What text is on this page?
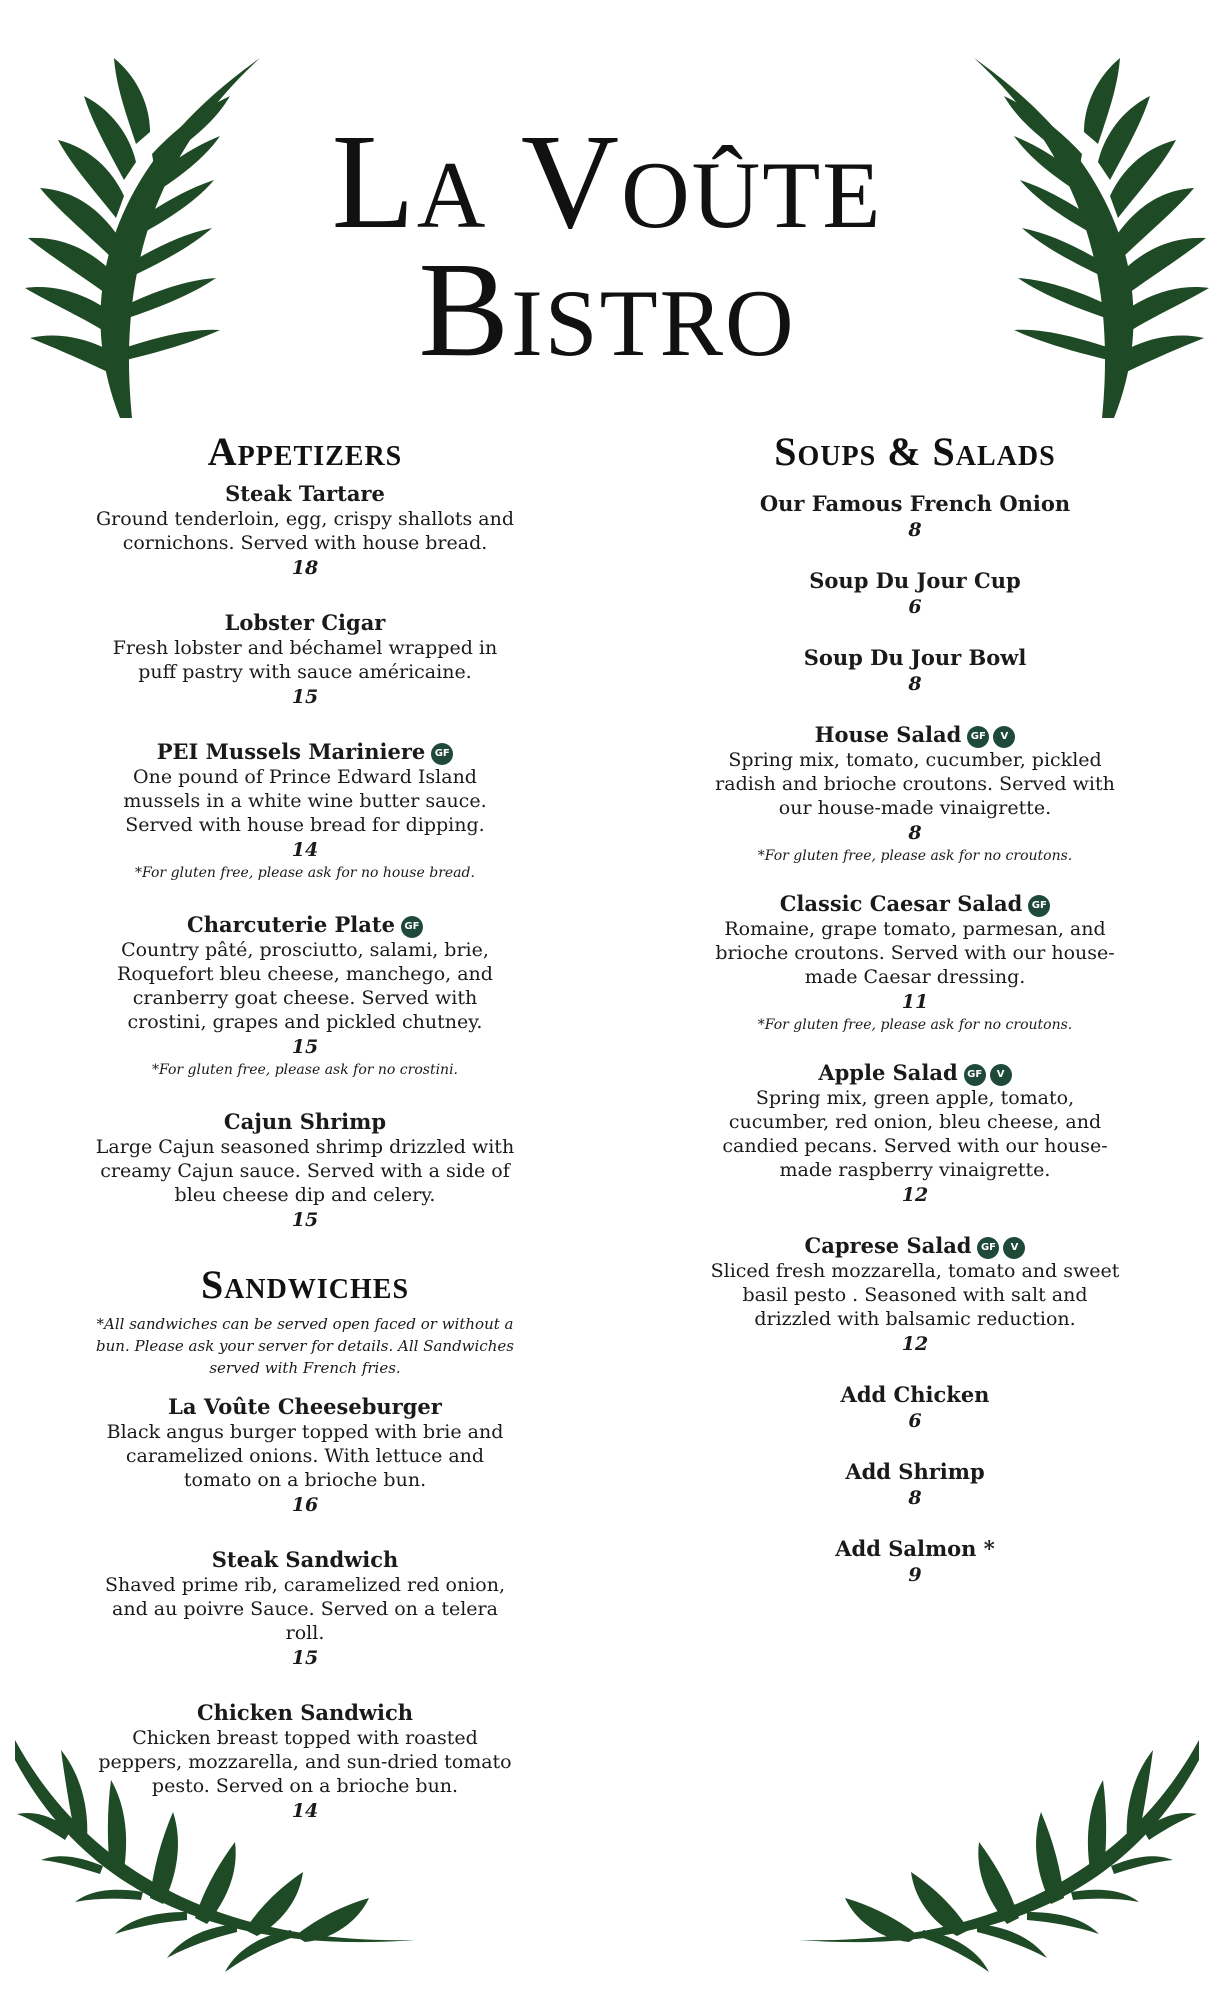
La Voûte
Bistro
Appetizers
Steak Tartare
Ground tenderloin, egg, crispy shallots and cornichons. Served with house bread.
18
Lobster Cigar
Fresh lobster and béchamel wrapped in puff pastry with sauce américaine.
15
PEI Mussels Mariniere GF
One pound of Prince Edward Island mussels in a white wine butter sauce. Served with house bread for dipping.
14
*For gluten free, please ask for no house bread.
Charcuterie Plate GF
Country pâté, prosciutto, salami, brie, Roquefort bleu cheese, manchego, and cranberry goat cheese. Served with crostini, grapes and pickled chutney.
15
*For gluten free, please ask for no crostini.
Cajun Shrimp
Large Cajun seasoned shrimp drizzled with creamy Cajun sauce. Served with a side of bleu cheese dip and celery.
15
Sandwiches
*All sandwiches can be served open faced or without a bun. Please ask your server for details. All Sandwiches served with French fries.
La Voûte Cheeseburger
Black angus burger topped with brie and caramelized onions. With lettuce and tomato on a brioche bun.
16
Steak Sandwich
Shaved prime rib, caramelized red onion, and au poivre Sauce. Served on a telera roll.
15
Chicken Sandwich
Chicken breast topped with roasted peppers, mozzarella, and sun-dried tomato pesto. Served on a brioche bun.
14
Soups & Salads
Our Famous French Onion
8
Soup Du Jour Cup
6
Soup Du Jour Bowl
8
House Salad GF V
Spring mix, tomato, cucumber, pickled radish and brioche croutons. Served with our house-made vinaigrette.
8
*For gluten free, please ask for no croutons.
Classic Caesar Salad GF
Romaine, grape tomato, parmesan, and brioche croutons. Served with our house-made Caesar dressing.
11
*For gluten free, please ask for no croutons.
Apple Salad GF V
Spring mix, green apple, tomato, cucumber, red onion, bleu cheese, and candied pecans. Served with our house-made raspberry vinaigrette.
12
Caprese Salad GF V
Sliced fresh mozzarella, tomato and sweet basil pesto . Seasoned with salt and drizzled with balsamic reduction.
12
Add Chicken
6
Add Shrimp
8
Add Salmon *
9
